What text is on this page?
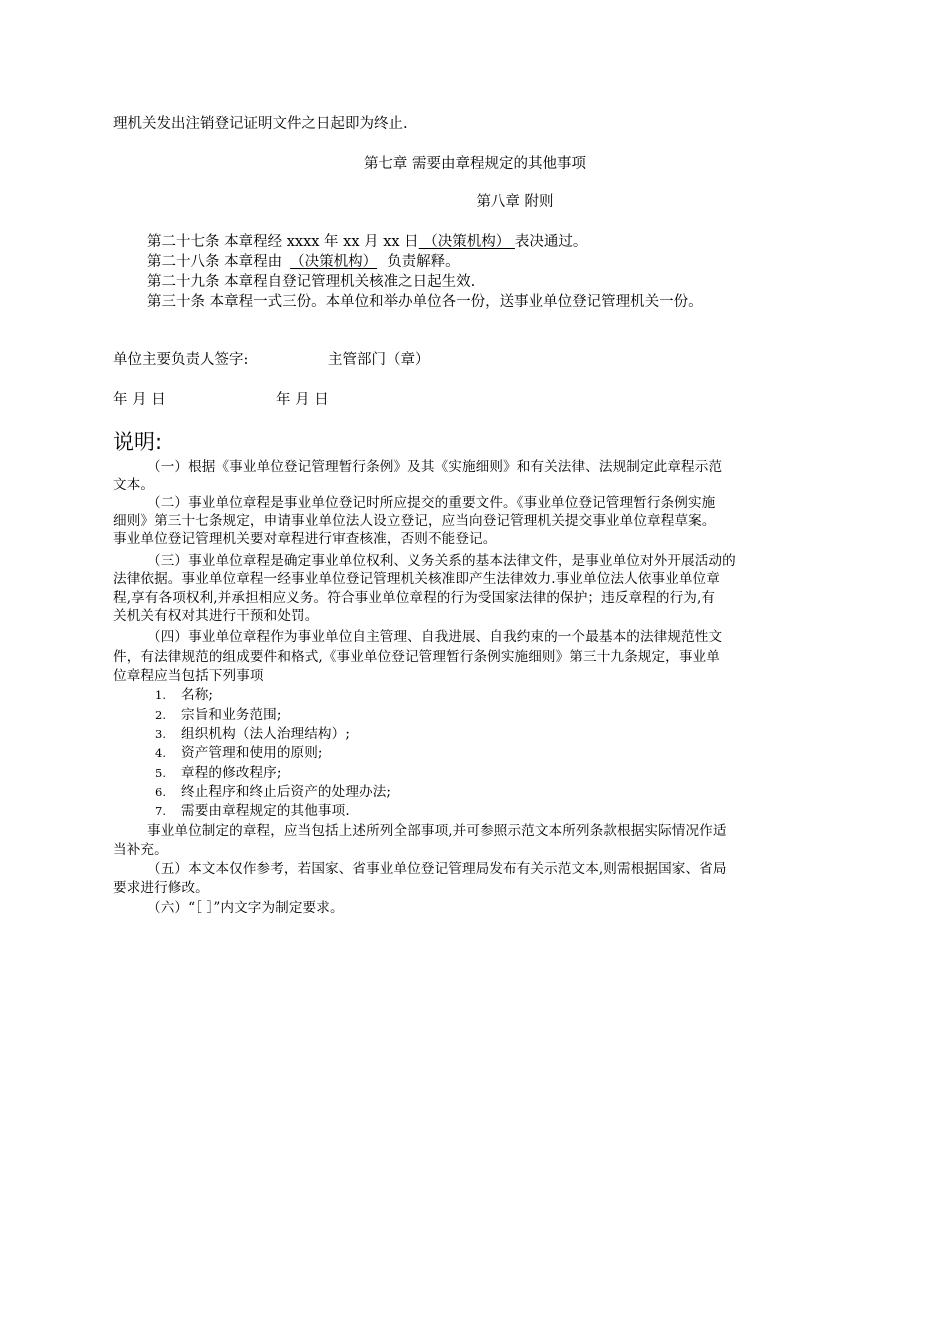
理机关发出注销登记证明文件之日起即为终止.
第七章 需要由章程规定的其他事项
第八章 附则
第二十七条 本章程经 xxxx 年 xx 月 xx 日 （决策机构） 表决通过。
第二十八条 本章程由 （决策机构） 负责解释。
第二十九条 本章程自登记管理机关核准之日起生效.
第三十条 本章程一式三份。本单位和举办单位各一份，送事业单位登记管理机关一份。
单位主要负责人签字:	主管部门（章）
年 月 日	年 月 日
说明:
（一）根据《事业单位登记管理暂行条例》及其《实施细则》和有关法律、法规制定此章程示范
文本。
（二）事业单位章程是事业单位登记时所应提交的重要文件。《事业单位登记管理暂行条例实施
细则》第三十七条规定，申请事业单位法人设立登记，应当向登记管理机关提交事业单位章程草案。
事业单位登记管理机关要对章程进行审查核准，否则不能登记。
（三）事业单位章程是确定事业单位权利、义务关系的基本法律文件，是事业单位对外开展活动的
法律依据。事业单位章程一经事业单位登记管理机关核准即产生法律效力.事业单位法人依事业单位章
程,享有各项权利,并承担相应义务。符合事业单位章程的行为受国家法律的保护；违反章程的行为,有
关机关有权对其进行干预和处罚。
（四）事业单位章程作为事业单位自主管理、自我进展、自我约束的一个最基本的法律规范性文
件，有法律规范的组成要件和格式,《事业单位登记管理暂行条例实施细则》第三十九条规定，事业单
位章程应当包括下列事项
1. 名称;
2. 宗旨和业务范围;
3. 组织机构（法人治理结构）;
4. 资产管理和使用的原则;
5. 章程的修改程序;
6. 终止程序和终止后资产的处理办法;
7. 需要由章程规定的其他事项.
事业单位制定的章程，应当包括上述所列全部事项,并可参照示范文本所列条款根据实际情况作适
当补充。
（五）本文本仅作参考，若国家、省事业单位登记管理局发布有关示范文本,则需根据国家、省局
要求进行修改。
（六）“［ ］”内文字为制定要求。
